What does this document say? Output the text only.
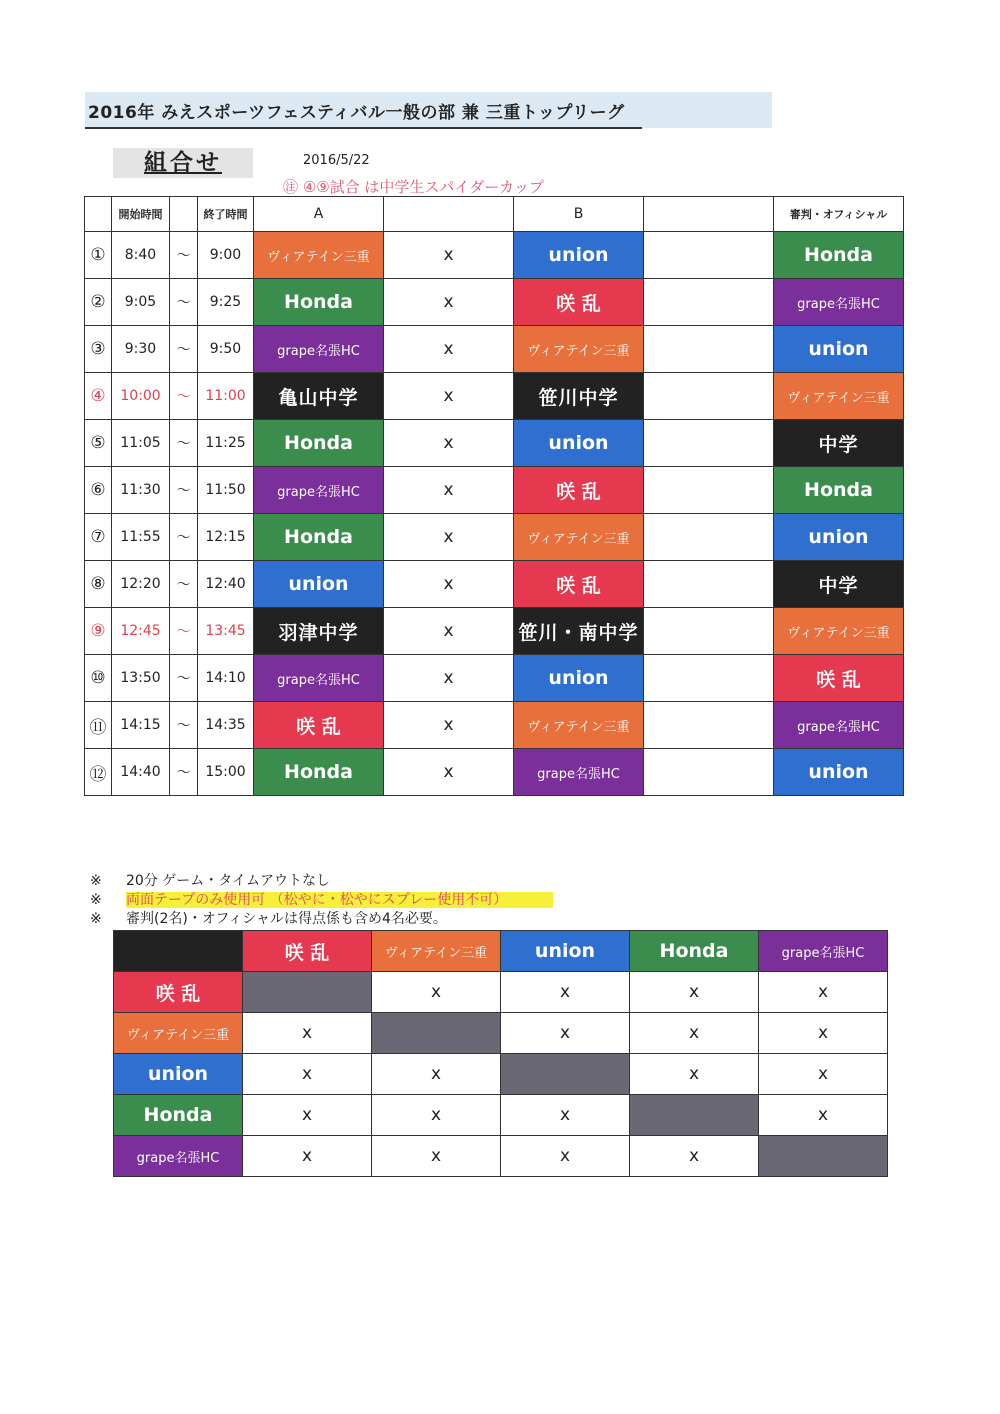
2016年 みえスポーツフェスティバル一般の部 兼 三重トップリーグ
組合せ	2016/5/22
㊟ ④⑨試合 は中学生スパイダーカップ
	開始時間		終了時間	A		B		審判・オフィシャル
①	8:40	～	9:00	ヴィアテイン三重	x	union		Honda
②	9:05	～	9:25	Honda	x	咲 乱		grape名張HC
③	9:30	～	9:50	grape名張HC	x	ヴィアテイン三重		union
④	10:00	～	11:00	亀山中学	x	笹川中学		ヴィアテイン三重
⑤	11:05	～	11:25	Honda	x	union		中学
⑥	11:30	～	11:50	grape名張HC	x	咲 乱		Honda
⑦	11:55	～	12:15	Honda	x	ヴィアテイン三重		union
⑧	12:20	～	12:40	union	x	咲 乱		中学
⑨	12:45	～	13:45	羽津中学	x	笹川・南中学		ヴィアテイン三重
⑩	13:50	～	14:10	grape名張HC	x	union		咲 乱
⑪	14:15	～	14:35	咲 乱	x	ヴィアテイン三重		grape名張HC
⑫	14:40	～	15:00	Honda	x	grape名張HC		union
※ 20分 ゲーム・タイムアウトなし
※ 両面テープのみ使用可 （松やに・松やにスプレー使用不可）
※ 審判(2名)・オフィシャルは得点係も含め4名必要。
	咲 乱	ヴィアテイン三重	union	Honda	grape名張HC
咲 乱		x	x	x	x
ヴィアテイン三重	x		x	x	x
union	x	x		x	x
Honda	x	x	x		x
grape名張HC	x	x	x	x	
